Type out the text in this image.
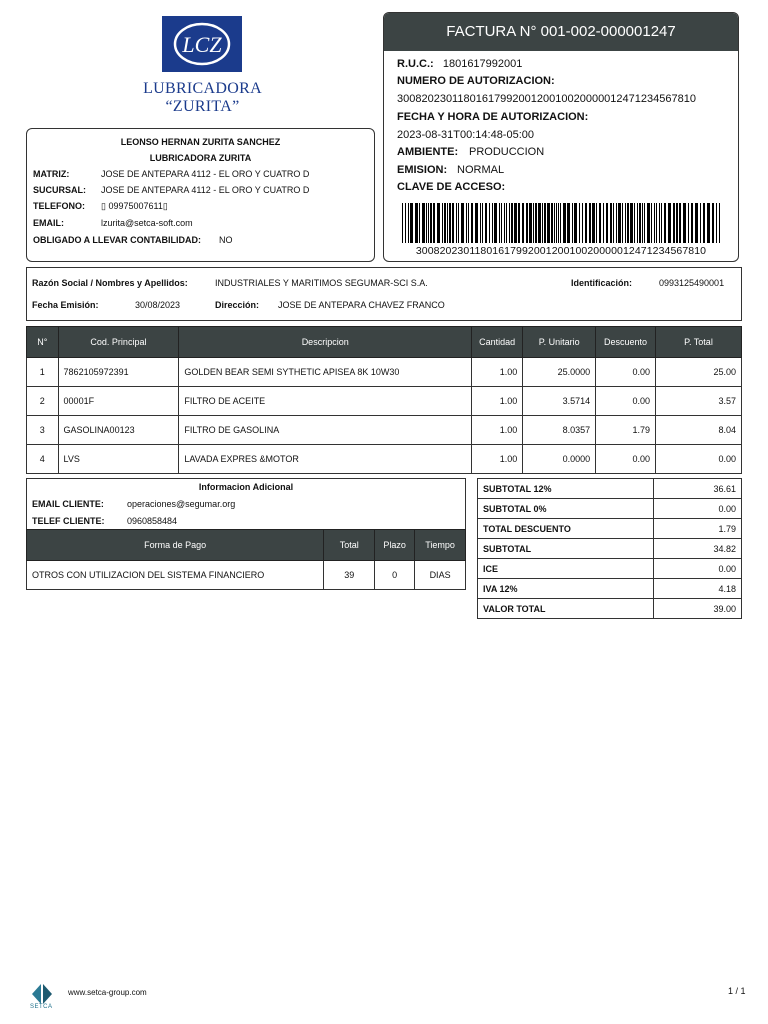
LCZ
LUBRICADORA “ZURITA”
LEONSO HERNAN ZURITA SANCHEZ
LUBRICADORA ZURITA
MATRIZ:	JOSE DE ANTEPARA 4112 - EL ORO Y CUATRO D
SUCURSAL: JOSE DE ANTEPARA 4112 - EL ORO Y CUATRO D
TELEFONO: ▯ 09975007611▯
EMAIL:	lzurita@setca-soft.com
OBLIGADO A LLEVAR CONTABILIDAD: NO
FACTURA N° 001-002-000001247
R.U.C.: 1801617992001
NUMERO DE AUTORIZACION:
3008202301180161799200120010020000012471234567810
FECHA Y HORA DE AUTORIZACION:
2023-08-31T00:14:48-05:00
AMBIENTE: PRODUCCION
EMISION: NORMAL
CLAVE DE ACCESO:
3008202301180161799200120010020000012471234567810
Razón Social / Nombres y Apellidos:	INDUSTRIALES Y MARITIMOS SEGUMAR-SCI S.A.	Identificación:	0993125490001
Fecha Emisión:	30/08/2023	Dirección: JOSE DE ANTEPARA CHAVEZ FRANCO
N°	Cod. Principal	Descripcion	Cantidad	P. Unitario	Descuento	P. Total
1	7862105972391	GOLDEN BEAR SEMI SYTHETIC APISEA 8K 10W30	1.00	25.0000	0.00	25.00
2	00001F	FILTRO DE ACEITE	1.00	3.5714	0.00	3.57
3	GASOLINA00123	FILTRO DE GASOLINA	1.00	8.0357	1.79	8.04
4	LVS	LAVADA EXPRES &MOTOR	1.00	0.0000	0.00	0.00
Informacion Adicional
EMAIL CLIENTE:	operaciones@segumar.org
TELEF CLIENTE:	0960858484
Forma de Pago	Total	Plazo	Tiempo
OTROS CON UTILIZACION DEL SISTEMA FINANCIERO	39	0	DIAS
SUBTOTAL 12%	36.61
SUBTOTAL 0%	0.00
TOTAL DESCUENTO	1.79
SUBTOTAL	34.82
ICE	0.00
IVA 12%	4.18
VALOR TOTAL	39.00
SETCA
www.setca-group.com	1 / 1
